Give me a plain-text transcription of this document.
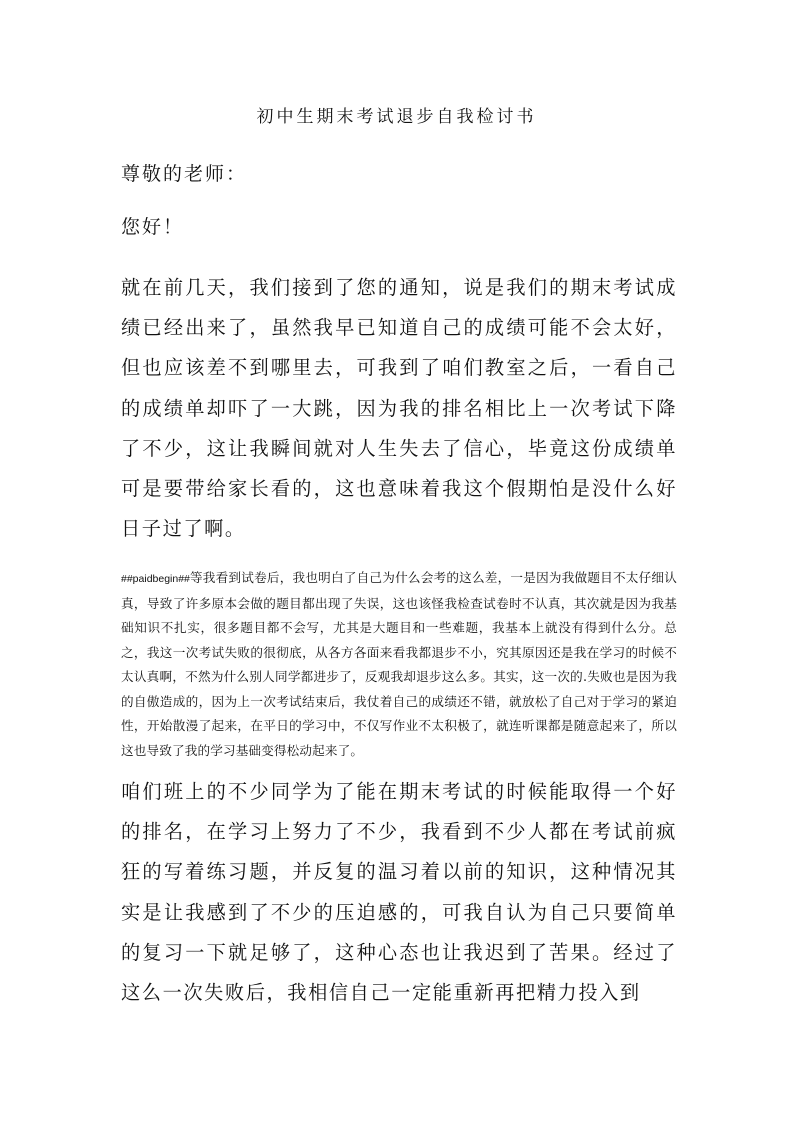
初中生期末考试退步自我检讨书

尊敬的老师：

您好！

就在前几天，我们接到了您的通知，说是我们的期末考试成绩已经出来了，虽然我早已知道自己的成绩可能不会太好，但也应该差不到哪里去，可我到了咱们教室之后，一看自己的成绩单却吓了一大跳，因为我的排名相比上一次考试下降了不少，这让我瞬间就对人生失去了信心，毕竟这份成绩单可是要带给家长看的，这也意味着我这个假期怕是没什么好日子过了啊。

##paidbegin##等我看到试卷后，我也明白了自己为什么会考的这么差，一是因为我做题目不太仔细认真，导致了许多原本会做的题目都出现了失误，这也该怪我检查试卷时不认真，其次就是因为我基础知识不扎实，很多题目都不会写，尤其是大题目和一些难题，我基本上就没有得到什么分。总之，我这一次考试失败的很彻底，从各方各面来看我都退步不小，究其原因还是我在学习的时候不太认真啊，不然为什么别人同学都进步了，反观我却退步这么多。其实，这一次的.失败也是因为我的自傲造成的，因为上一次考试结束后，我仗着自己的成绩还不错，就放松了自己对于学习的紧迫性，开始散漫了起来，在平日的学习中，不仅写作业不太积极了，就连听课都是随意起来了，所以这也导致了我的学习基础变得松动起来了。

咱们班上的不少同学为了能在期末考试的时候能取得一个好的排名，在学习上努力了不少，我看到不少人都在考试前疯狂的写着练习题，并反复的温习着以前的知识，这种情况其实是让我感到了不少的压迫感的，可我自认为自己只要简单的复习一下就足够了，这种心态也让我迟到了苦果。经过了这么一次失败后，我相信自己一定能重新再把精力投入到
